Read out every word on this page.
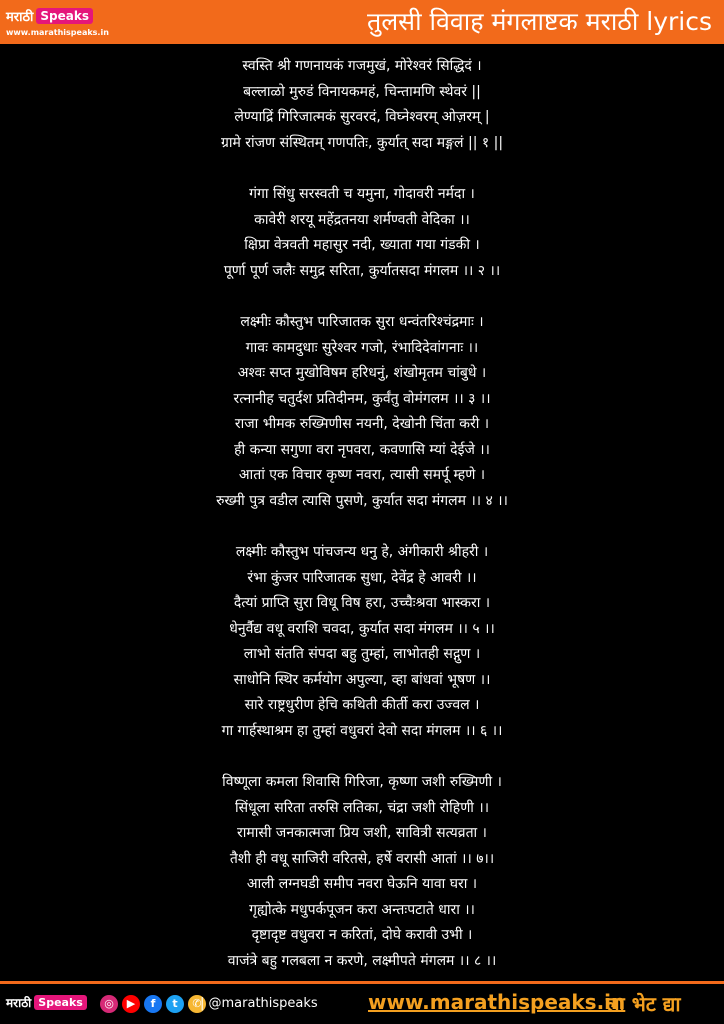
मराठी Speaks
www.marathispeaks.in	तुलसी विवाह मंगलाष्टक मराठी lyrics
स्वस्ति श्री गणनायकं गजमुखं, मोरेश्वरं सिद्धिदं ।
बल्लाळो मुरुडं विनायकमहं, चिन्तामणि स्थेवरं ||
लेण्याद्रिं गिरिजात्मकं सुरवरदं, विघ्नेश्वरम् ओ‌‌ज़रम् |
ग्रामे रांजण संस्थितम् गणपतिः, कुर्यात् सदा मङ्गलं || १ ||
गंगा सिंधु सरस्वती च यमुना, गोदावरी नर्मदा ।
कावेरी शरयू महेंद्रतनया शर्मण्वती वेदिका ।।
क्षिप्रा वेत्रवती महासुर नदी, ख्याता गया गंडकी ।
पूर्णा पूर्ण जलैः समुद्र सरिता, कुर्यातसदा मंगलम ।। २ ।।
लक्ष्मीः कौस्तुभ पारिजातक सुरा धन्वंतरिश्चंद्रमाः ।
गावः कामदुधाः सुरेश्वर गजो, रंभादिदेवांगनाः ।।
अश्वः सप्त मुखोविषम हरिधनुं, शंखोमृतम चांबुधे ।
रत्नानीह चतुर्दश प्रतिदीनम, कुर्वंतु वोमंगलम ।। ३ ।।
राजा भीमक रुख्मिणीस नयनी, देखोनी चिंता करी ।
ही कन्या सगुणा वरा नृपवरा, कवणासि म्यां देईजे ।।
आतां एक विचार कृष्ण नवरा, त्यासी समर्पू म्हणे ।
रुख्मी पुत्र वडील त्यासि पुसणे, कुर्यात सदा मंगलम ।। ४ ।।
लक्ष्मीः कौस्तुभ पांचजन्य धनु हे, अंगीकारी श्रीहरी ।
रंभा कुंजर पारिजातक सुधा, देवेंद्र हे आवरी ।।
दैत्यां प्राप्ति सुरा विधू विष हरा, उच्चैःश्रवा भास्करा ।
धेनुर्वैद्य वधू वराशि चवदा, कुर्यात सदा मंगलम ।। ५ ।।
लाभो संतति संपदा बहु तुम्हां, लाभोतही सद्गुण ।
साधोनि स्थिर कर्मयोग अपुल्या, व्हा बांधवां भूषण ।।
सारे राष्ट्रधुरीण हेचि कथिती कीर्ती करा उज्वल ।
गा गार्हस्थाश्रम हा तुम्हां वधुवरां देवो सदा मंगलम ।। ६ ।।
विष्णूला कमला शिवासि गिरिजा, कृष्णा जशी रुख्मिणी ।
सिंधूला सरिता तरुसि लतिका, चंद्रा जशी रोहिणी ।।
रामासी जनकात्मजा प्रिय जशी, सावित्री सत्यव्रता ।
तैशी ही वधू साजिरी वरितसे, हर्षे वरासी आतां ।। ७।।
आली लग्नघडी समीप नवरा घेऊनि यावा घरा ।
गृह्योत्के मधुपर्कपूजन करा अन्तःपटाते धारा ।।
दृष्टादृष्ट वधुवरा न करितां, दोघे करावी उभी ।
वाजंत्रे बहु गलबला न करणे, लक्ष्मीपते मंगलम ।। ८ ।।
मराठी Speaks	◎	▶	f	t	✆
| @marathispeaks	www.marathispeaks.in
ला भेट द्या
